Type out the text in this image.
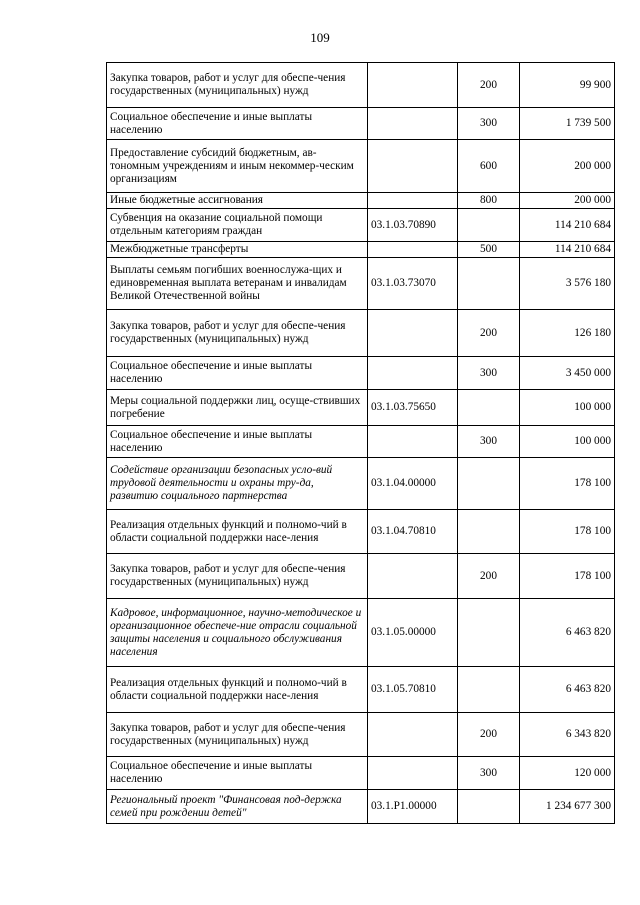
109
Закупка товаров, работ и услуг для обеспе-чения государственных (муниципальных) нужд		200	99 900
Социальное обеспечение и иные выплаты населению		300	1 739 500
Предоставление субсидий бюджетным, ав-тономным учреждениям и иным некоммер-ческим организациям		600	200 000
Иные бюджетные ассигнования		800	200 000
Субвенция на оказание социальной помощи отдельным категориям граждан	03.1.03.70890		114 210 684
Межбюджетные трансферты		500	114 210 684
Выплаты семьям погибших военнослужа-щих и единовременная выплата ветеранам и инвалидам Великой Отечественной войны	03.1.03.73070		3 576 180
Закупка товаров, работ и услуг для обеспе-чения государственных (муниципальных) нужд		200	126 180
Социальное обеспечение и иные выплаты населению		300	3 450 000
Меры социальной поддержки лиц, осуще-ствивших погребение	03.1.03.75650		100 000
Социальное обеспечение и иные выплаты населению		300	100 000
Содействие организации безопасных усло-вий трудовой деятельности и охраны тру-да, развитию социального партнерства	03.1.04.00000		178 100
Реализация отдельных функций и полномо-чий в области социальной поддержки насе-ления	03.1.04.70810		178 100
Закупка товаров, работ и услуг для обеспе-чения государственных (муниципальных) нужд		200	178 100
Кадровое, информационное, научно-методическое и организационное обеспече-ние отрасли социальной защиты населения и социального обслуживания населения	03.1.05.00000		6 463 820
Реализация отдельных функций и полномо-чий в области социальной поддержки насе-ления	03.1.05.70810		6 463 820
Закупка товаров, работ и услуг для обеспе-чения государственных (муниципальных) нужд		200	6 343 820
Социальное обеспечение и иные выплаты населению		300	120 000
Региональный проект "Финансовая под-держка семей при рождении детей"	03.1.Р1.00000		1 234 677 300
